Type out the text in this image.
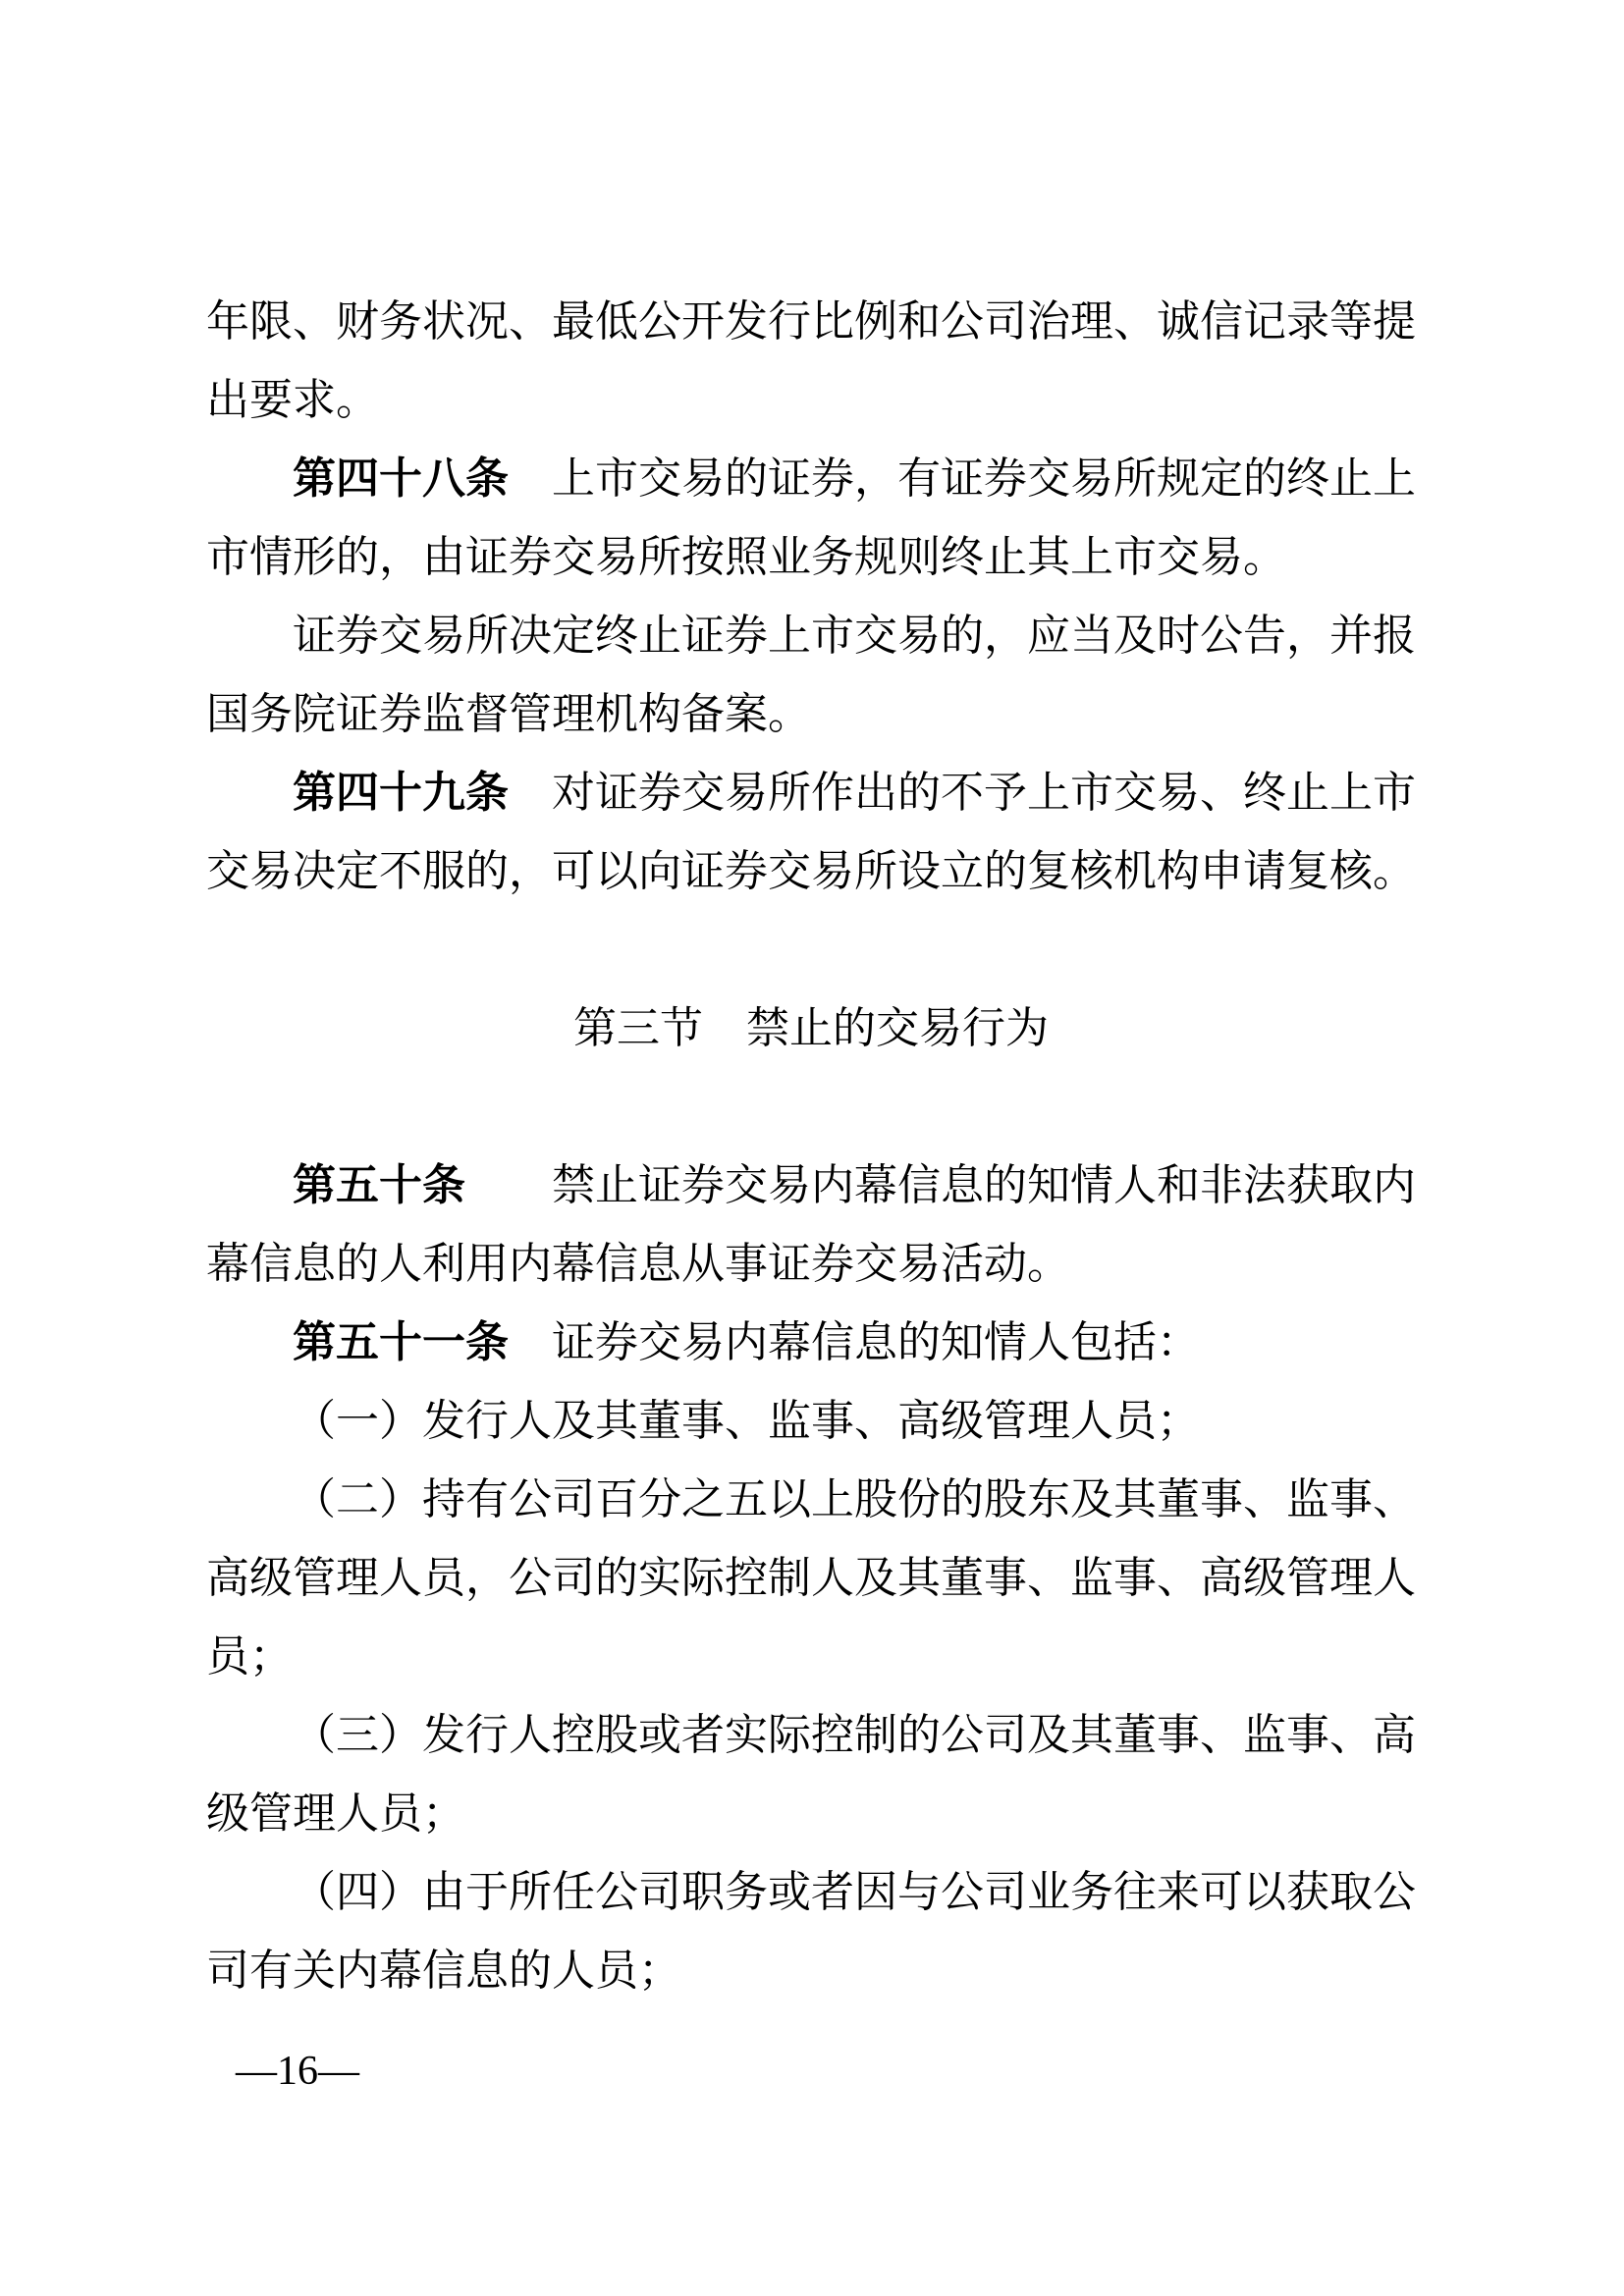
年限、财务状况、最低公开发行比例和公司治理、诚信记录等提出要求。

第四十八条 上市交易的证券，有证券交易所规定的终止上市情形的，由证券交易所按照业务规则终止其上市交易。

证券交易所决定终止证券上市交易的，应当及时公告，并报国务院证券监督管理机构备案。

第四十九条 对证券交易所作出的不予上市交易、终止上市交易决定不服的，可以向证券交易所设立的复核机构申请复核。

第三节 禁止的交易行为

第五十条 禁止证券交易内幕信息的知情人和非法获取内幕信息的人利用内幕信息从事证券交易活动。

第五十一条 证券交易内幕信息的知情人包括：

（一）发行人及其董事、监事、高级管理人员；

（二）持有公司百分之五以上股份的股东及其董事、监事、高级管理人员，公司的实际控制人及其董事、监事、高级管理人员；

（三）发行人控股或者实际控制的公司及其董事、监事、高级管理人员；

（四）由于所任公司职务或者因与公司业务往来可以获取公司有关内幕信息的人员；

—16—
